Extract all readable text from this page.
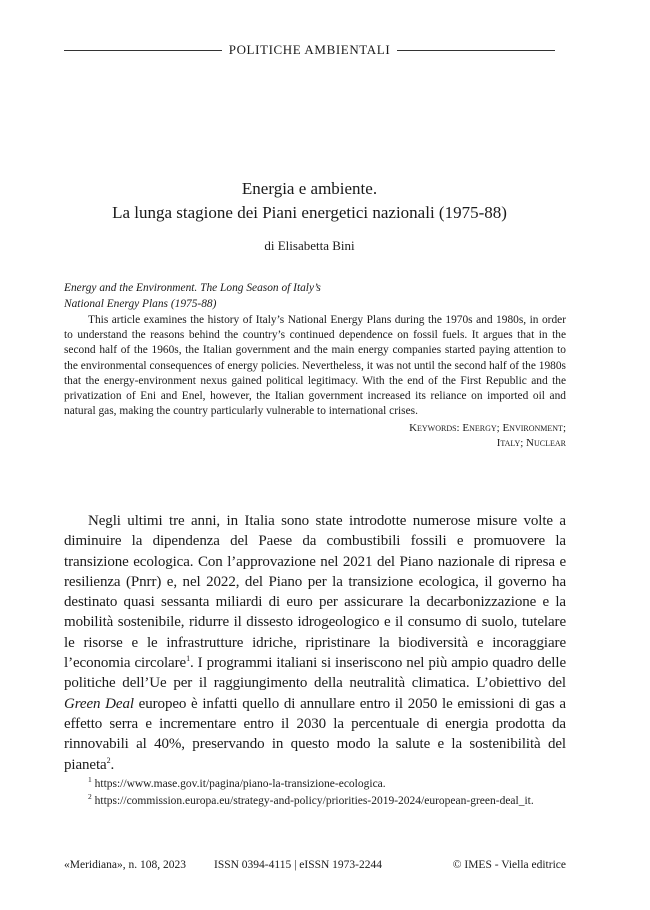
POLITICHE AMBIENTALI
Energia e ambiente.
La lunga stagione dei Piani energetici nazionali (1975-88)
di Elisabetta Bini
Energy and the Environment. The Long Season of Italy’s
National Energy Plans (1975-88)
This article examines the history of Italy’s National Energy Plans during the 1970s and 1980s, in order to understand the reasons behind the country’s continued dependence on fossil fuels. It argues that in the second half of the 1960s, the Italian government and the main energy companies started paying attention to the environmental consequences of energy policies. Nevertheless, it was not until the second half of the 1980s that the energy-environment nexus gained political legitimacy. With the end of the First Republic and the privatization of Eni and Enel, however, the Italian government increased its reliance on imported oil and natural gas, making the country particularly vulnerable to international crises.
Keywords: Energy; Environment;
Italy; Nuclear
Negli ultimi tre anni, in Italia sono state introdotte numerose misure volte a diminuire la dipendenza del Paese da combustibili fossili e promuovere la transizione ecologica. Con l’approvazione nel 2021 del Piano nazionale di ripresa e resilienza (Pnrr) e, nel 2022, del Piano per la transizione ecologica, il governo ha destinato quasi sessanta miliardi di euro per assicurare la decarbonizzazione e la mobilità sostenibile, ridurre il dissesto idrogeologico e il consumo di suolo, tutelare le risorse e le infrastrutture idriche, ripristinare la biodiversità e incoraggiare l’economia circolare$^1$. I programmi italiani si inseriscono nel più ampio quadro delle politiche dell’Ue per il raggiungimento della neutralità climatica. L’obiettivo del Green Deal europeo è infatti quello di annullare entro il 2050 le emissioni di gas a effetto serra e incrementare entro il 2030 la percentuale di energia prodotta da rinnovabili al 40%, preservando in questo modo la salute e la sostenibilità del pianeta$^2$.
$^1$ https://www.mase.gov.it/pagina/piano-la-transizione-ecologica.
$^2$ https://commission.europa.eu/strategy-and-policy/priorities-2019-2024/european-green-deal_it.
«Meridiana», n. 108, 2023 ISSN 0394-4115 | eISSN 1973-2244	© IMES - Viella editrice
